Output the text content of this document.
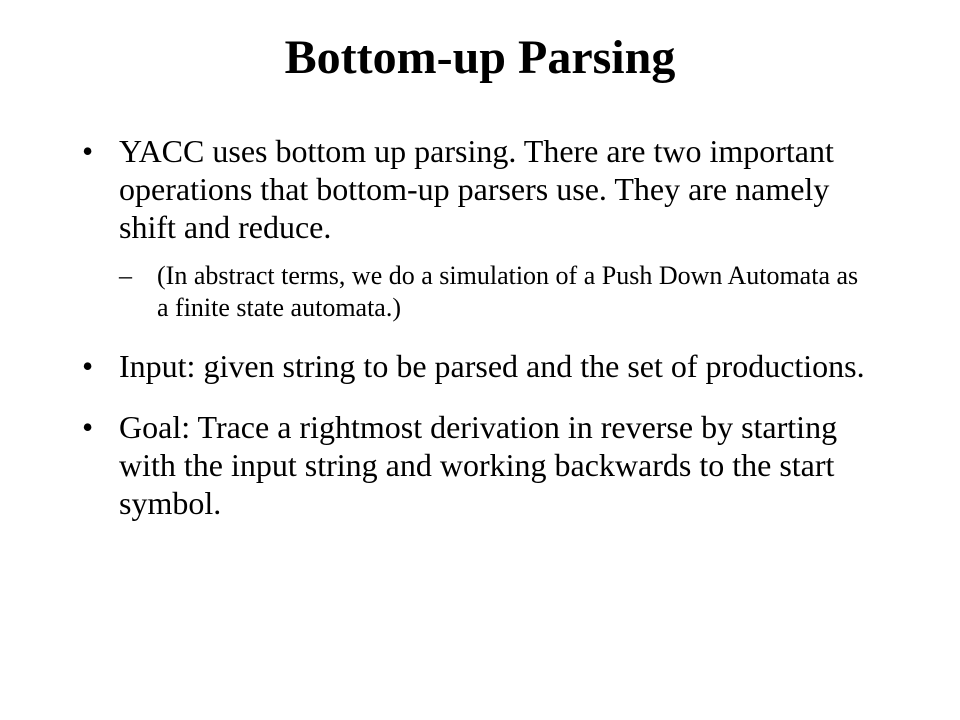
Bottom-up Parsing
• YACC uses bottom up parsing. There are two important operations that bottom-up parsers use. They are namely shift and reduce.
– (In abstract terms, we do a simulation of a Push Down Automata as a finite state automata.)
• Input: given string to be parsed and the set of productions.
• Goal: Trace a rightmost derivation in reverse by starting with the input string and working backwards to the start symbol.
